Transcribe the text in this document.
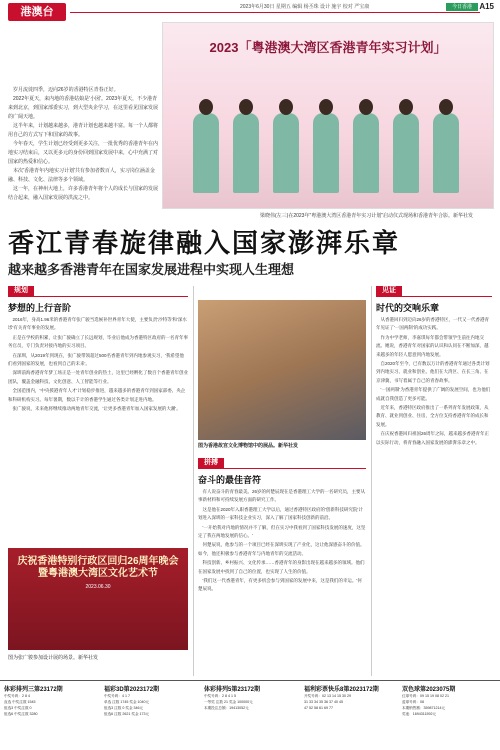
港澳台	2023年6月30日 星期五 编辑 杨丕珠 设计 施宇 校对 严宝康	今日香港 A15

岁月流徙四季，迈向26岁的香港特区青春正好。

2022年夏天，来内地的香港姑娘是'小囡'。2023年夏天，不少港青来到北京，到国家部委实习，到大型央企学习，在这里看见国家发展的广阔天地。

这半年来，计划越来越多，港青计划也越来越丰富。每一个人都将用自己的方式写下和国家的故事。

今年春天，学生计划已经受到更多关注，一批优秀的香港青年在内地实习结束后，又以更多元的身份回到国家发展中来，心中充满了对国家的热爱和信心。

本次'香港青年内地实习计划'共有参加者数百人，实习岗位涵盖金融、科技、文化、法律等多个领域。

这一年，在神州大地上，许多香港青年将个人的成长与国家的发展结合起来，融入国家发展的洪流之中。

2023「粤港澳大湾区香港青年实习计划」
梁晓伟(左三)在2023年"粤港澳大湾区香港青年实习计划"启动仪式现场和香港青年合影。新华社发
香江青春旋律融入国家澎湃乐章
越来越多香港青年在国家发展进程中实现人生理想
规划
梦想的上行音阶

2016年，身高1.96米的香港青年张广骏当选候补世界青年大使，主要负责'沙特等'和'深水埗'有关青年事业的发展。

正是在学校的积累，让张广骏确立了长远规划，毕业后他成为香港特区政府的一名青年事务官员，专门负责对接内地的实习项目。

在深圳，从2019年到现在，张广骏带领超过500名香港青年到内地参观实习，'我希望他们看到国家的发展，也看到自己的未来'。

深圳前海香港青年梦工场正是一处青年创业的热土，这里已经孵化了数百个香港青年创业团队，覆盖金融科技、文化创意、人工智能等行业。

全国范围内，'中央援港青年人才'计划稳步推进，越来越多的香港青年到国家部委、央企和科研机构实习。每年暑期，数以千计的香港学生通过各类计划走进内地。

张广骏说，未来他将继续推动两地青年交流，'让更多香港青年加入国家发展的大潮'。

庆祝香港特别行政区回归26周年晚会暨粤港澳大湾区文化艺术节
2023.06.30
图为张广骏参加设计展的场景。新华社发
图为香港故宫文化博物馆中的展品。新华社发
拼搏
奋斗的最佳音符

有人说奋斗的青春最美。26岁的何楚辰现在是香港理工大学的一名研究员，主要从事新材料和可持续发展方面的研究工作。

这是他在2020年入职香港理工大学以后，通过香港特区政府的'创新科技研究院'计划进入深圳的一家科技企业实习，深入了解了国家科技创新的前沿。

'一开始我对内地的情况并不了解，但在实习中我看到了国家科技发展的速度，这坚定了我在两地发展的信心。'

何楚辰说，他参与的一个项目已经在深圳实现了产业化，这让他深感奋斗的价值。如今，他还积极参与香港青年与内地青年的交流活动。

科技创新、乡村振兴、文化传承……香港青年的身影出现在越来越多的领域。他们在国家发展中找到了自己的位置，也实现了人生的价值。

'我们这一代香港青年，有更多机会参与到国家的发展中来，这是我们的幸运。'何楚辰说。

见证
时代的交响乐章

从香港回归到迈向26岁的香港特区，一代又一代香港青年见证了'一国两制'的成功实践。

作为中学老师，李嘉琪每年都会带领学生前往内地交流。她说，香港青年对国家的认识和认同在不断加深，越来越多的年轻人愿意到内地发展。

自2020年至今，已有数以万计的香港青年通过各类计划到内地实习、就业和创业。他们在大湾区、在长三角、在京津冀，书写着属于自己的青春故事。

'一国两制'为香港青年提供了广阔的发展空间，也为他们成就自我创造了更多可能。

近年来，香港特区政府推出了一系列青年发展政策，从教育、就业到创业、住房，全方位支持香港青年的成长和发展。

在庆祝香港回归祖国26周年之际，越来越多香港青年正以实际行动，将青春融入国家发展的澎湃乐章之中。

体彩排列三第23172期
中奖号码：2 8 4
直选 中奖注数 1545
组选3 中奖注数 0
组选6 中奖注数 3280
福彩3D第2023172期
中奖号码：4 1 7
单选 注数 1745 奖金 1040元
组选3 注数 0 奖金 346元
组选6 注数 2621 奖金 173元
体彩排列5第23172期
中奖号码：2 8 4 1 5
一等奖 注数 21 奖金 100000元
本期投注总额：19413052元
福利彩票快乐8第2023172期
开奖号码：02 13 14 15 30 29
31 33 34 35 36 37 40 45
47 52 58 61 69 77
双色球第2023075期
红球号码：09 15 19 08 02 21
蓝球号码：08
本期销售额：359871214元
奖池：1694311592元
